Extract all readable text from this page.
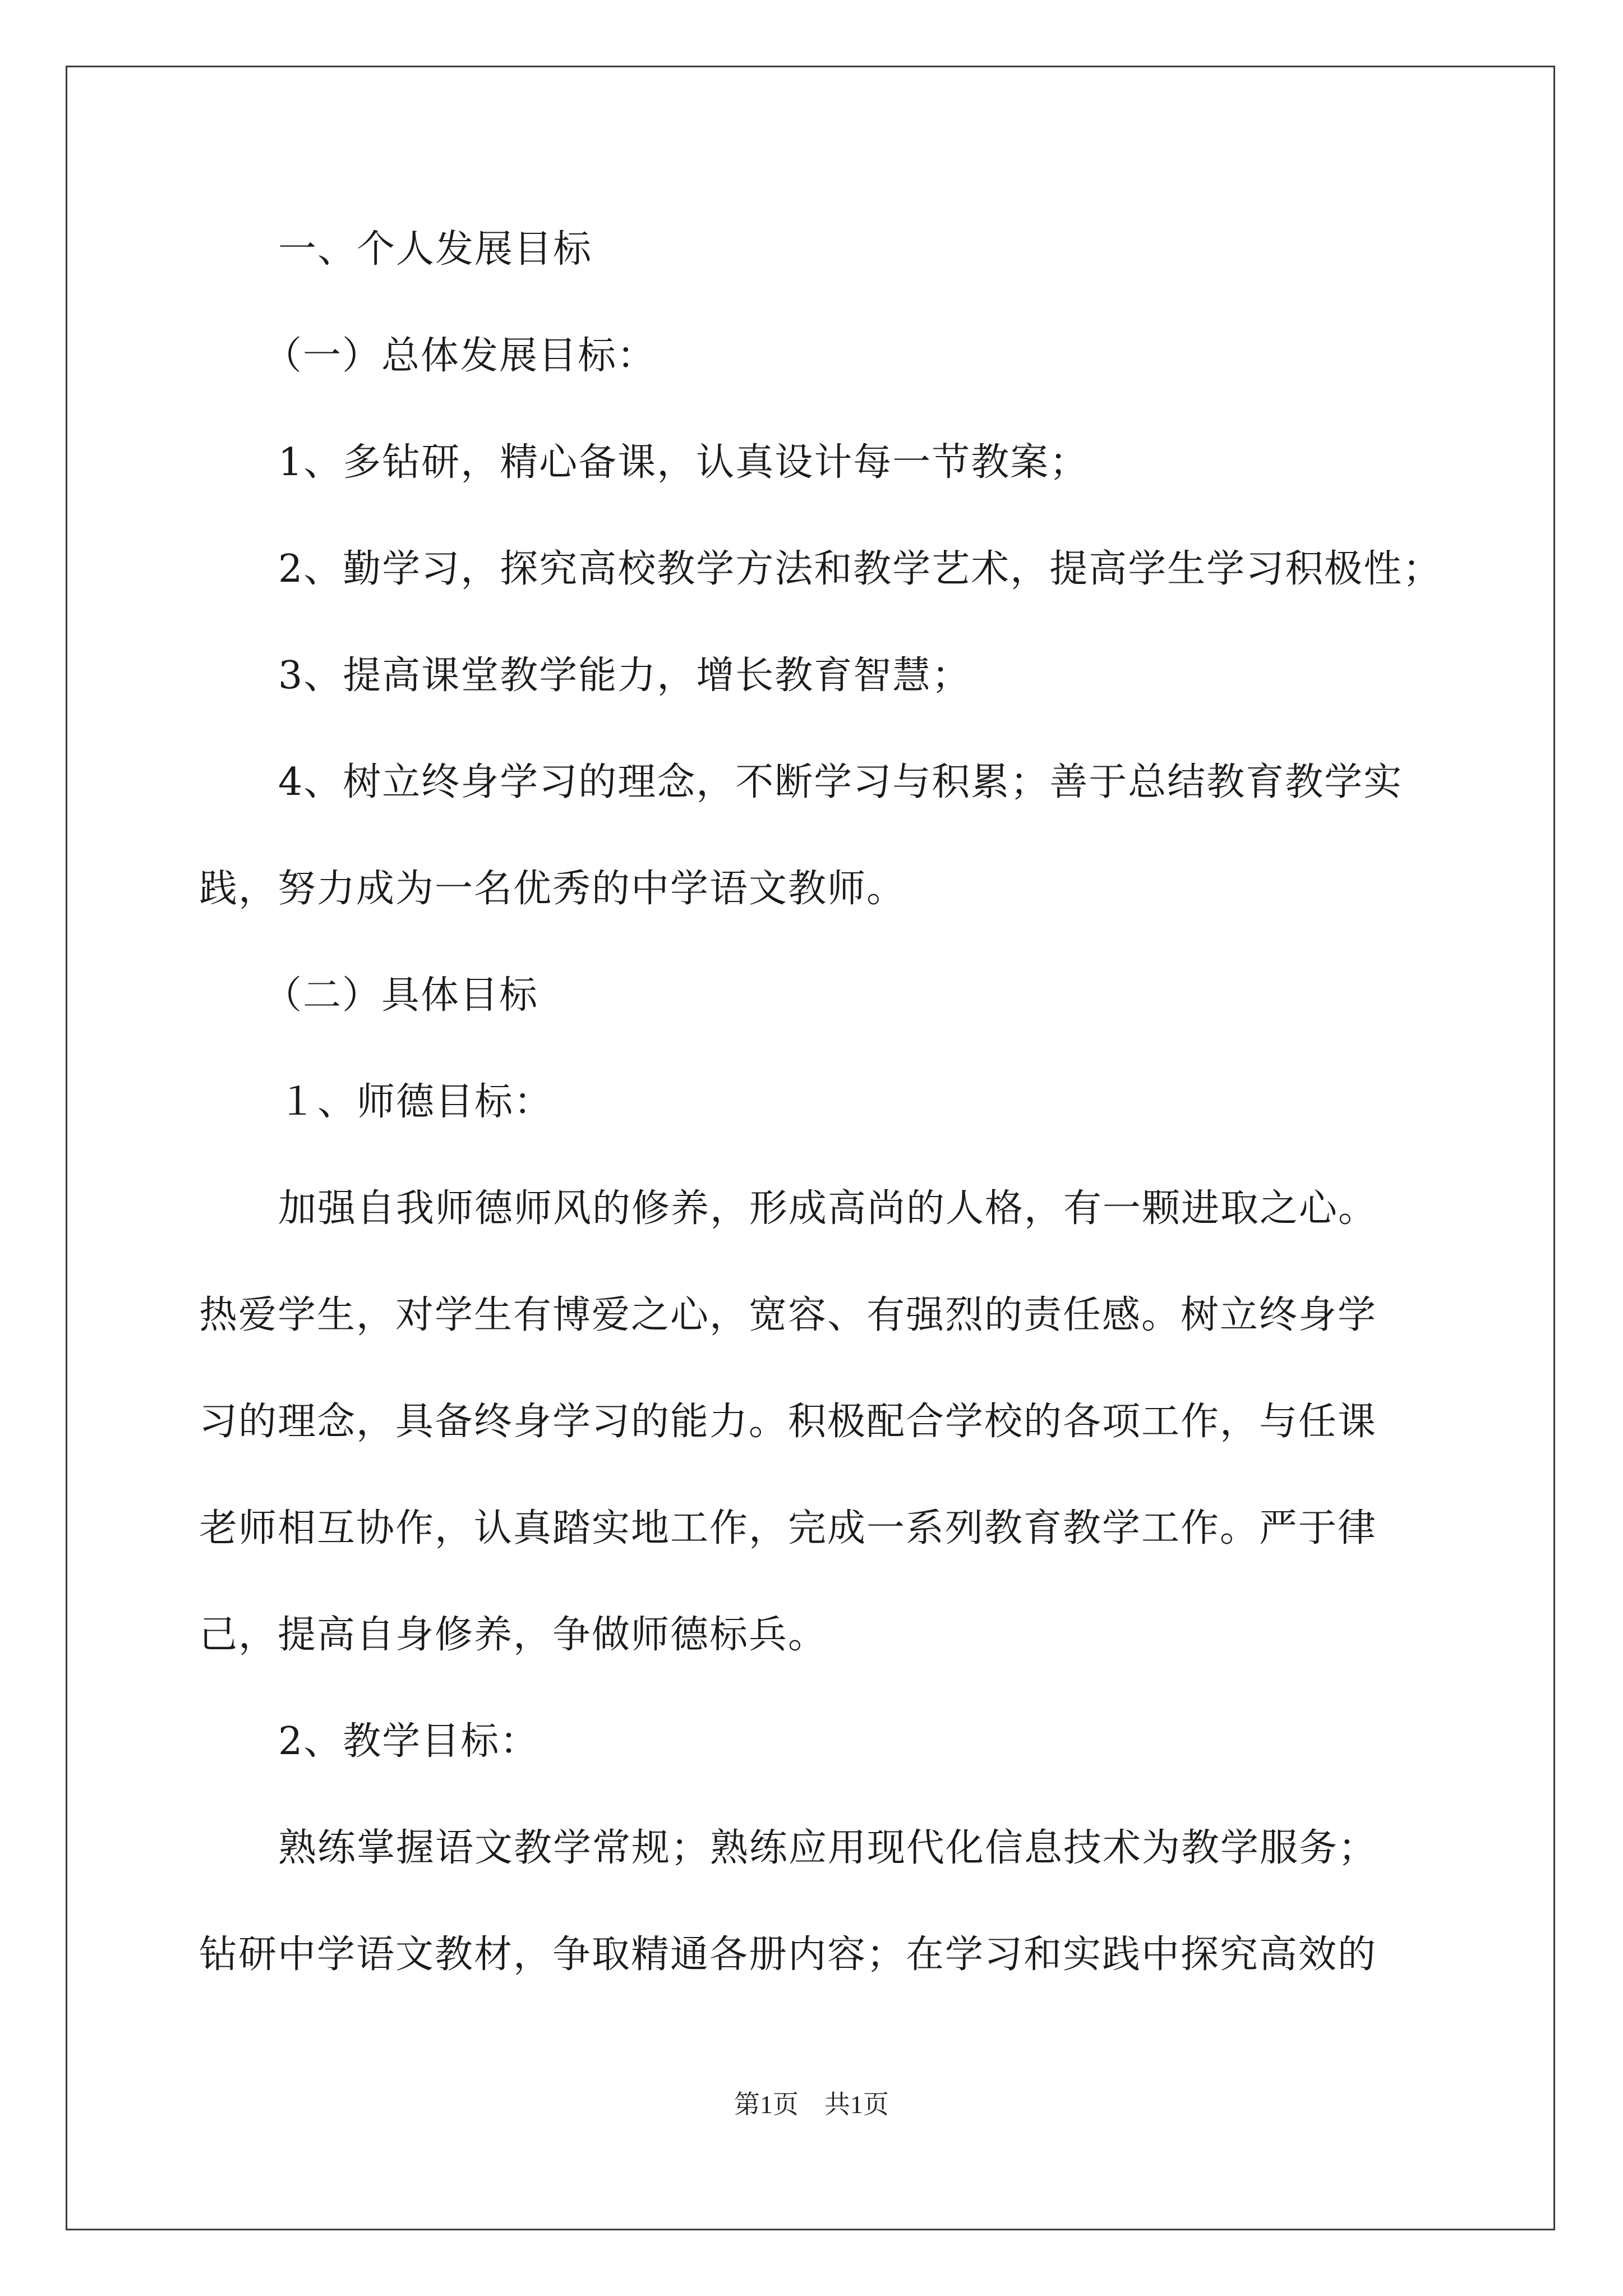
一、个人发展目标
（一）总体发展目标：
1、多钻研，精心备课，认真设计每一节教案；
2、勤学习，探究高校教学方法和教学艺术，提高学生学习积极性；
3、提高课堂教学能力，增长教育智慧；
4、树立终身学习的理念，不断学习与积累；善于总结教育教学实
践，努力成为一名优秀的中学语文教师。
（二）具体目标
１、师德目标：
加强自我师德师风的修养，形成高尚的人格，有一颗进取之心。
热爱学生，对学生有博爱之心，宽容、有强烈的责任感。树立终身学
习的理念，具备终身学习的能力。积极配合学校的各项工作，与任课
老师相互协作，认真踏实地工作，完成一系列教育教学工作。严于律
己，提高自身修养，争做师德标兵。
2、教学目标：
熟练掌握语文教学常规；熟练应用现代化信息技术为教学服务；
钻研中学语文教材，争取精通各册内容；在学习和实践中探究高效的
第1页　共1页
